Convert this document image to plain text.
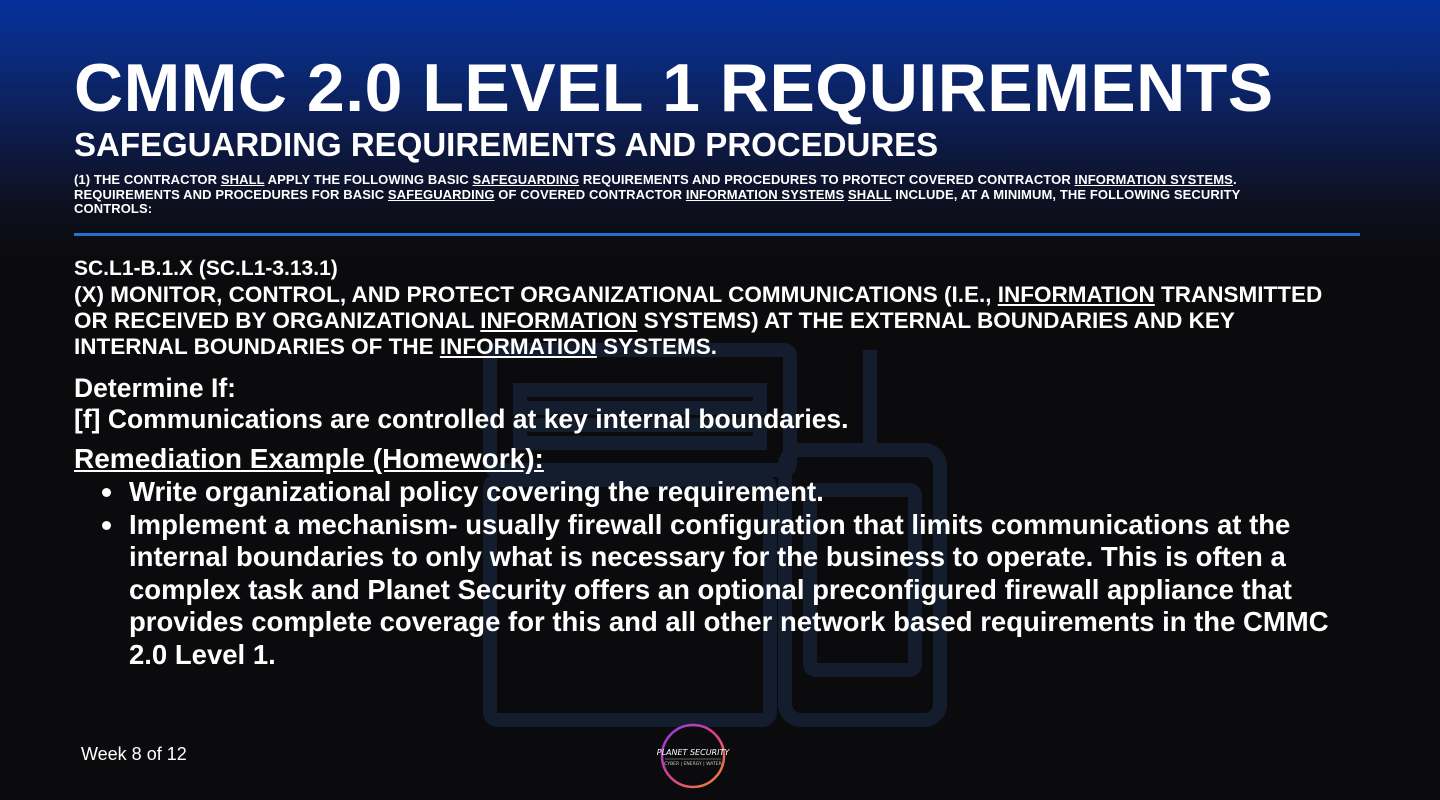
CMMC 2.0 LEVEL 1 REQUIREMENTS
SAFEGUARDING REQUIREMENTS AND PROCEDURES
(1) THE CONTRACTOR SHALL APPLY THE FOLLOWING BASIC SAFEGUARDING REQUIREMENTS AND PROCEDURES TO PROTECT COVERED CONTRACTOR INFORMATION SYSTEMS. REQUIREMENTS AND PROCEDURES FOR BASIC SAFEGUARDING OF COVERED CONTRACTOR INFORMATION SYSTEMS SHALL INCLUDE, AT A MINIMUM, THE FOLLOWING SECURITY CONTROLS:
SC.L1-B.1.X (SC.L1-3.13.1)
(X) MONITOR, CONTROL, AND PROTECT ORGANIZATIONAL COMMUNICATIONS (I.E., INFORMATION TRANSMITTED OR RECEIVED BY ORGANIZATIONAL INFORMATION SYSTEMS) AT THE EXTERNAL BOUNDARIES AND KEY INTERNAL BOUNDARIES OF THE INFORMATION SYSTEMS.
Determine If:
[f] Communications are controlled at key internal boundaries.
Remediation Example (Homework):
Write organizational policy covering the requirement.
Implement a mechanism- usually firewall configuration that limits communications at the internal boundaries to only what is necessary for the business to operate. This is often a complex task and Planet Security offers an optional preconfigured firewall appliance that provides complete coverage for this and all other network based requirements in the CMMC 2.0 Level 1.
Week 8 of 12	PLANET SECURITY
CYBER | ENERGY | WATER
